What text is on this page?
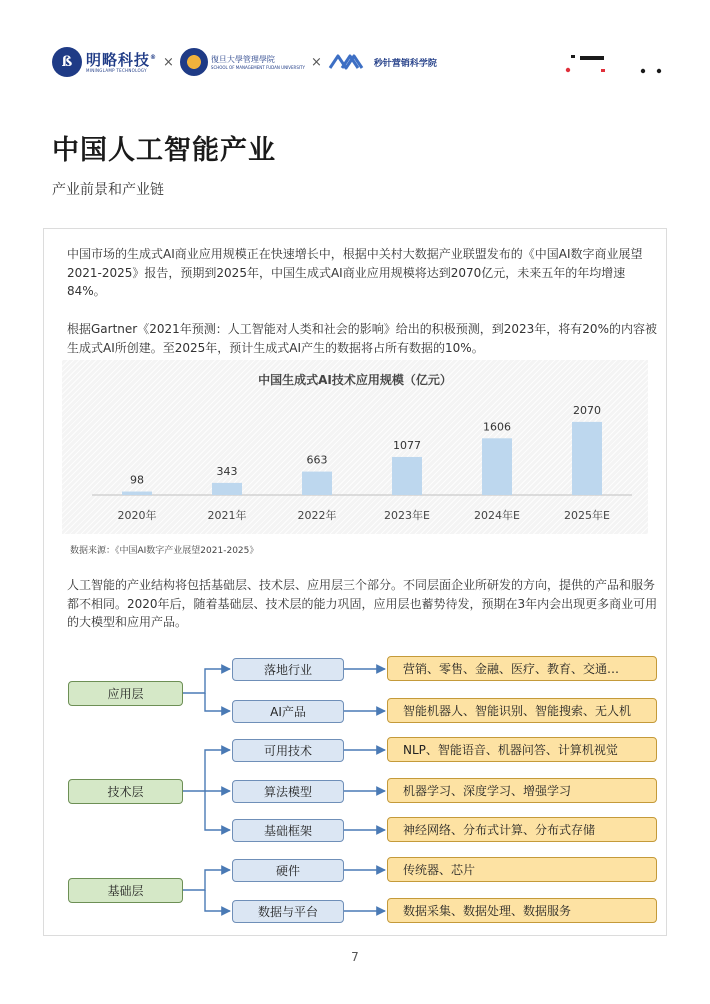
ß 明略科技®
MININGLAMP TECHNOLOGY
×	復旦大學管理學院
SCHOOL OF MANAGEMENT FUDAN UNIVERSITY ×	秒针营销科学院
中国人工智能产业
产业前景和产业链
中国市场的生成式AI商业应用规模正在快速增长中，根据中关村大数据产业联盟发布的《中国AI数字商业展望2021-2025》报告，预期到2025年，中国生成式AI商业应用规模将达到2070亿元，未来五年的年均增速84%。
根据Gartner《2021年预测：人工智能对人类和社会的影响》给出的积极预测，到2023年，将有20%的内容被生成式AI所创建。至2025年，预计生成式AI产生的数据将占所有数据的10%。
中国生成式AI技术应用规模（亿元）
98
2020年
343
2021年
663
2022年
1077
2023年E
1606
2024年E
2070
2025年E
数据来源：《中国AI数字产业展望2021-2025》
人工智能的产业结构将包括基础层、技术层、应用层三个部分。不同层面企业所研发的方向，提供的产品和服务都不相同。2020年后，随着基础层、技术层的能力巩固，应用层也蓄势待发，预期在3年内会出现更多商业可用的大模型和应用产品。
应用层
落地行业
AI产品
营销、零售、金融、医疗、教育、交通…
智能机器人、智能识别、智能搜索、无人机
技术层
可用技术
算法模型
基础框架
NLP、智能语音、机器问答、计算机视觉
机器学习、深度学习、增强学习
神经网络、分布式计算、分布式存储
基础层
硬件
数据与平台
传统器、芯片
数据采集、数据处理、数据服务
7
